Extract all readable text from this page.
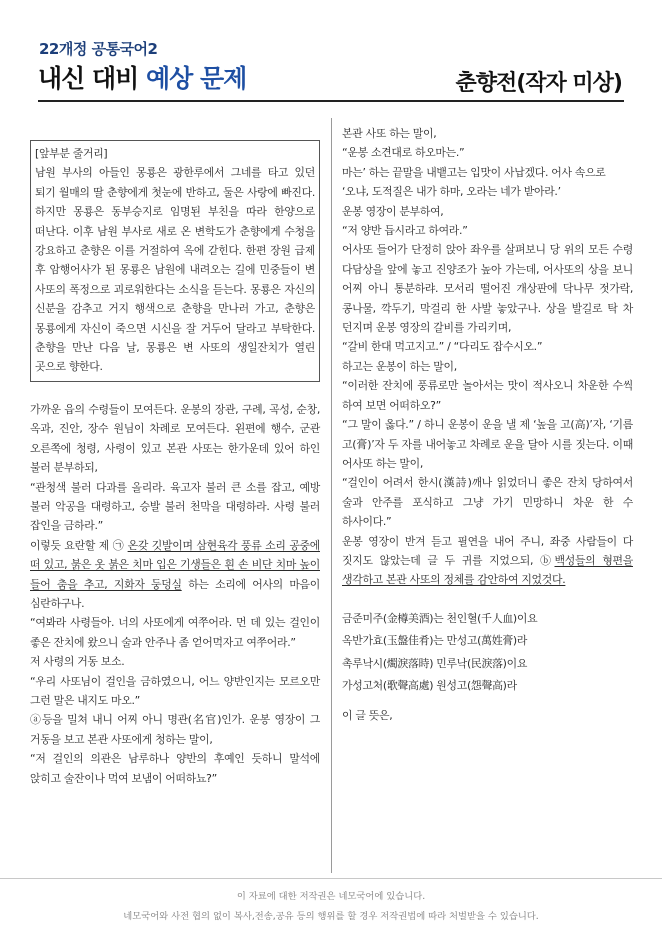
22개정 공통국어2
내신 대비 예상 문제	춘향전(작자 미상)
[앞부분 줄거리]

남원 부사의 아들인 몽룡은 광한루에서 그네를 타고 있던 퇴기 월매의 딸 춘향에게 첫눈에 반하고, 둘은 사랑에 빠진다. 하지만 몽룡은 동부승지로 임명된 부친을 따라 한양으로 떠난다. 이후 남원 부사로 새로 온 변학도가 춘향에게 수청을 강요하고 춘향은 이를 거절하여 옥에 갇힌다. 한편 장원 급제 후 암행어사가 된 몽룡은 남원에 내려오는 길에 민중들이 변 사또의 폭정으로 괴로워한다는 소식을 듣는다. 몽룡은 자신의 신분을 감추고 거지 행색으로 춘향을 만나러 가고, 춘향은 몽룡에게 자신이 죽으면 시신을 잘 거두어 달라고 부탁한다. 춘향을 만난 다음 날, 몽룡은 변 사또의 생일잔치가 열린 곳으로 향한다.

가까운 읍의 수령들이 모여든다. 운봉의 장관, 구례, 곡성, 순창, 옥과, 진안, 장수 원님이 차례로 모여든다. 왼편에 행수, 군관 오른쪽에 청령, 사령이 있고 본관 사또는 한가운데 있어 하인 불러 분부하되,

“관청색 불러 다과를 올리라. 육고자 불러 큰 소를 잡고, 예방 불러 악공을 대령하고, 승발 불러 천막을 대령하라. 사령 불러 잡인을 금하라.”

이렇듯 요란할 제 ㉠ 온갖 깃발이며 삼현육각 풍류 소리 공중에 떠 있고, 붉은 옷 붉은 치마 입은 기생들은 흰 손 비단 치마 높이 들어 춤을 추고, 지화자 둥덩실 하는 소리에 어사의 마음이 심란하구나.

“여봐라 사령들아. 너의 사또에게 여쭈어라. 먼 데 있는 걸인이 좋은 잔치에 왔으니 술과 안주나 좀 얻어먹자고 여쭈어라.”

저 사령의 거동 보소.

“우리 사또님이 걸인을 금하였으니, 어느 양반인지는 모르오만 그런 말은 내지도 마오.”

ⓐ등을 밀쳐 내니 어찌 아니 명관(名官)인가. 운봉 영장이 그 거동을 보고 본관 사또에게 청하는 말이,

“저 걸인의 의관은 남루하나 양반의 후예인 듯하니 말석에 앉히고 술잔이나 먹여 보냄이 어떠하뇨?”

본관 사또 하는 말이,

“운봉 소견대로 하오마는.”

마는’ 하는 끝말을 내뱉고는 입맛이 사납겠다. 어사 속으로

‘오냐, 도적질은 내가 하마, 오라는 네가 받아라.’

운봉 영장이 분부하여,

“저 양반 듭시라고 하여라.”

어사또 들어가 단정히 앉아 좌우를 살펴보니 당 위의 모든 수령 다담상을 앞에 놓고 진양조가 높아 가는데, 어사또의 상을 보니 어찌 아니 통분하랴. 모서리 떨어진 개상판에 닥나무 젓가락, 콩나물, 깍두기, 막걸리 한 사발 놓았구나. 상을 발길로 탁 차 던지며 운봉 영장의 갈비를 가리키며,

“갈비 한대 먹고지고.” / “다리도 잡수시오.”

하고는 운봉이 하는 말이,

“이러한 잔치에 풍류로만 놀아서는 맛이 적사오니 차운한 수씩 하여 보면 어떠하오?”

“그 말이 옳다.” / 하니 운봉이 운을 낼 제 ‘높을 고(高)’자, ‘기름 고(膏)’자 두 자를 내어놓고 차례로 운을 달아 시를 짓는다. 이때 어사또 하는 말이,

“걸인이 어려서 한시(漢詩)깨나 읽었더니 좋은 잔치 당하여서 술과 안주를 포식하고 그냥 가기 민망하니 차운 한 수 하사이다.”

운봉 영장이 반겨 듣고 필연을 내어 주니, 좌중 사람들이 다 짓지도 않았는데 글 두 귀를 지었으되, ⓑ백성들의 형편을 생각하고 본관 사또의 정체를 감안하여 지었것다.

금준미주(金樽美酒)는 천인혈(千人血)이요

옥반가효(玉盤佳肴)는 만성고(萬姓膏)라

촉루낙시(燭淚落時) 민루낙(民淚落)이요

가성고처(歌聲高處) 원성고(怨聲高)라

이 글 뜻은,

이 자료에 대한 저작권은 네모국어에 있습니다.
네모국어와 사전 협의 없이 복사,전송,공유 등의 행위를 할 경우 저작권법에 따라 처벌받을 수 있습니다.
